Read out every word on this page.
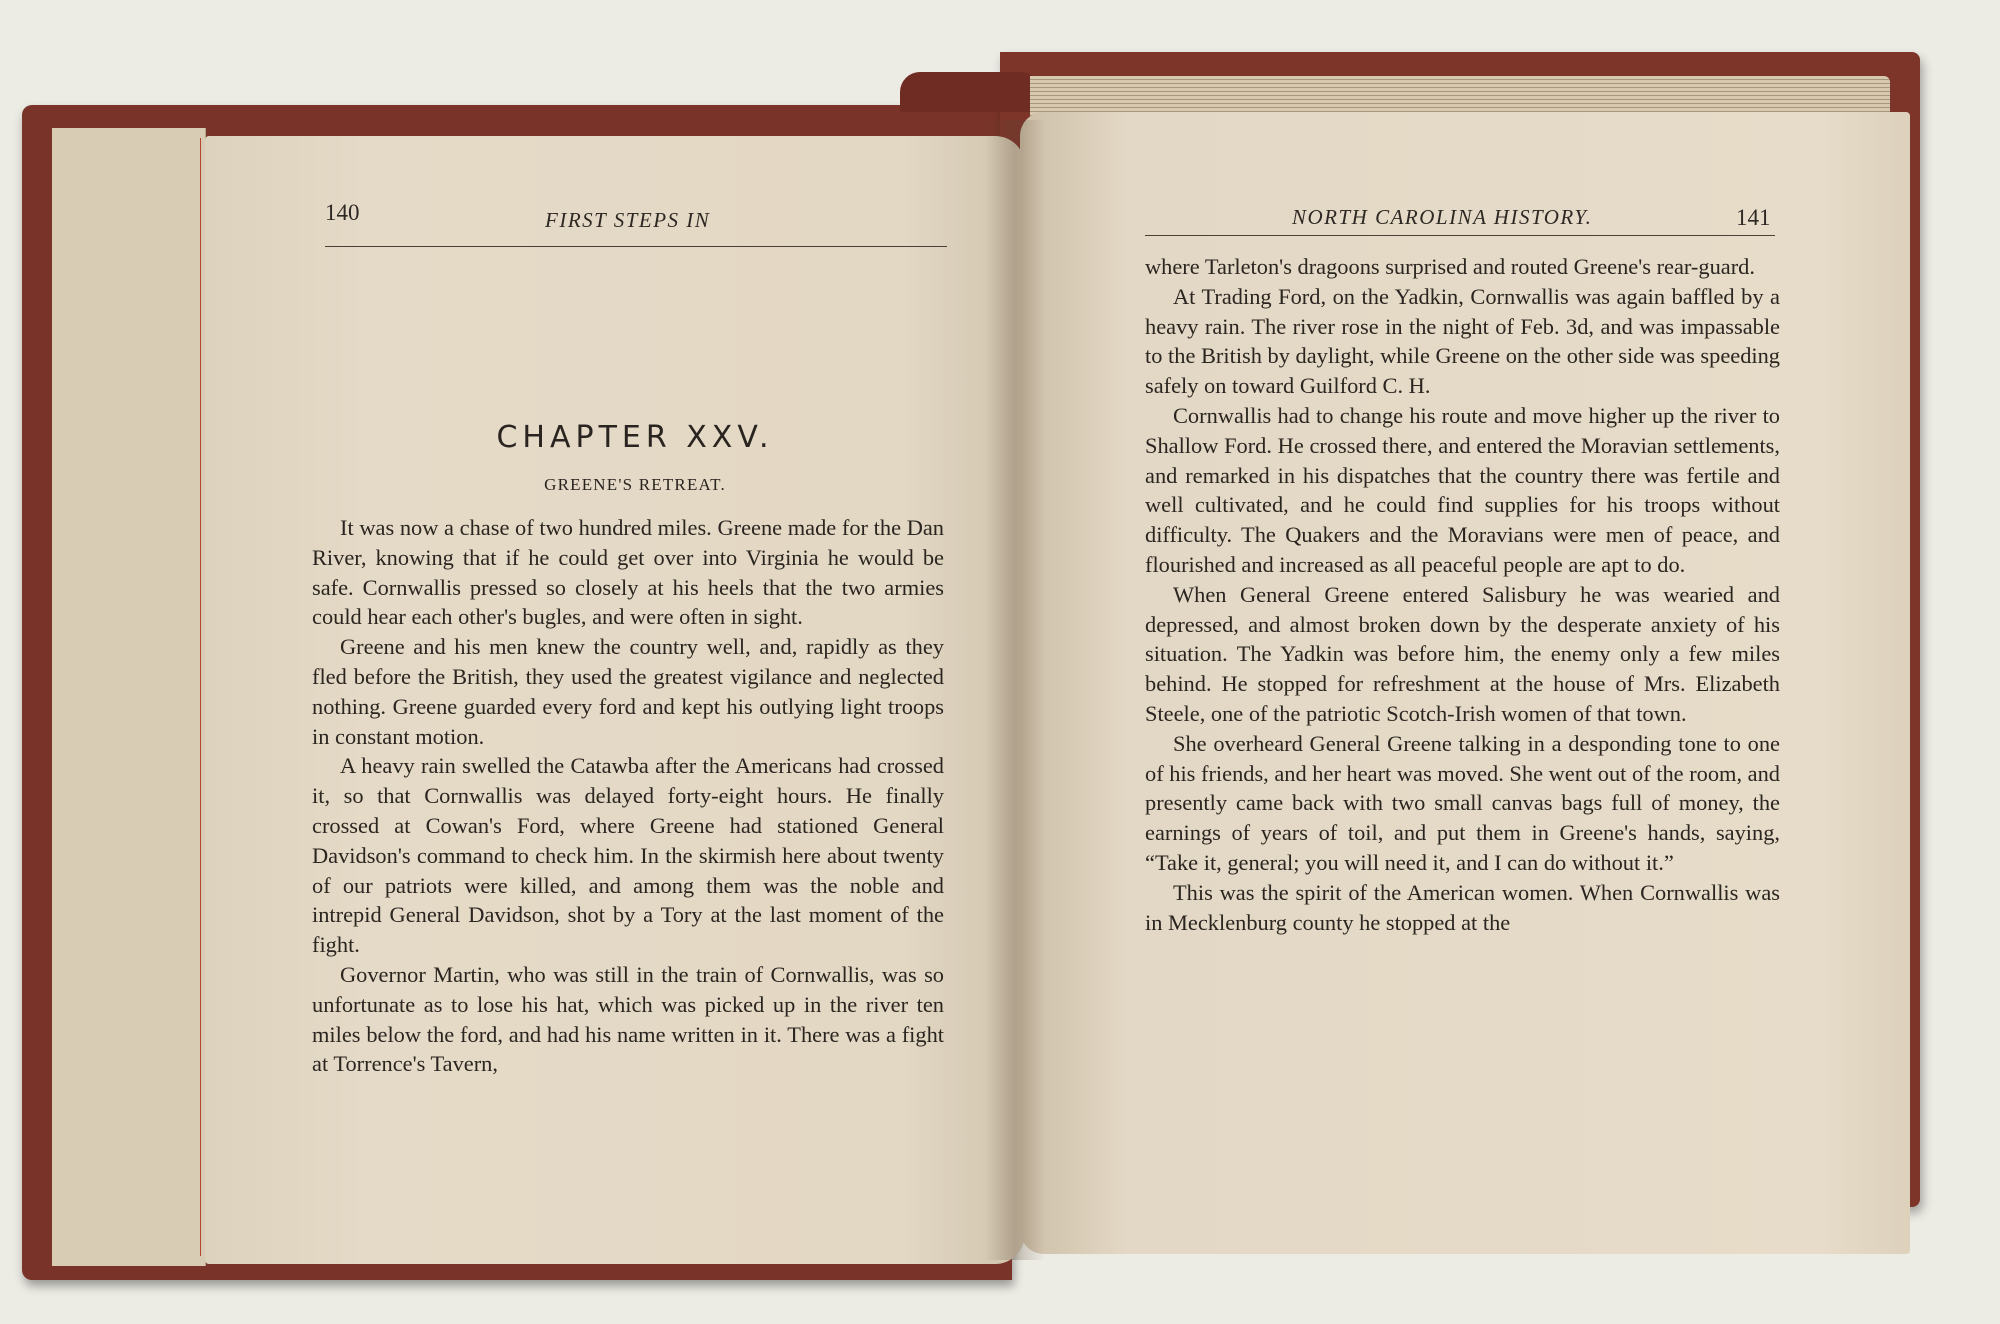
140	FIRST STEPS IN
CHAPTER XXV.
GREENE'S RETREAT.

It was now a chase of two hundred miles. Greene made for the Dan River, knowing that if he could get over into Virginia he would be safe. Cornwallis pressed so closely at his heels that the two armies could hear each other's bugles, and were often in sight.

Greene and his men knew the country well, and, rapidly as they fled before the British, they used the greatest vigilance and neglected nothing. Greene guarded every ford and kept his outlying light troops in constant motion.

A heavy rain swelled the Catawba after the Americans had crossed it, so that Cornwallis was delayed forty-eight hours. He finally crossed at Cowan's Ford, where Greene had stationed General Davidson's command to check him. In the skirmish here about twenty of our patriots were killed, and among them was the noble and intrepid General Davidson, shot by a Tory at the last moment of the fight.

Governor Martin, who was still in the train of Cornwallis, was so unfortunate as to lose his hat, which was picked up in the river ten miles below the ford, and had his name written in it. There was a fight at Torrence's Tavern,

NORTH CAROLINA HISTORY.	141

where Tarleton's dragoons surprised and routed Greene's rear-guard.

At Trading Ford, on the Yadkin, Cornwallis was again baffled by a heavy rain. The river rose in the night of Feb. 3d, and was impassable to the British by daylight, while Greene on the other side was speeding safely on toward Guilford C. H.

Cornwallis had to change his route and move higher up the river to Shallow Ford. He crossed there, and entered the Moravian settlements, and remarked in his dispatches that the country there was fertile and well cultivated, and he could find supplies for his troops without difficulty. The Quakers and the Moravians were men of peace, and flourished and increased as all peaceful people are apt to do.

When General Greene entered Salisbury he was wearied and depressed, and almost broken down by the desperate anxiety of his situation. The Yadkin was before him, the enemy only a few miles behind. He stopped for refreshment at the house of Mrs. Elizabeth Steele, one of the patriotic Scotch-Irish women of that town.

She overheard General Greene talking in a desponding tone to one of his friends, and her heart was moved. She went out of the room, and presently came back with two small canvas bags full of money, the earnings of years of toil, and put them in Greene's hands, saying, “Take it, general; you will need it, and I can do without it.”

This was the spirit of the American women. When Cornwallis was in Mecklenburg county he stopped at the
